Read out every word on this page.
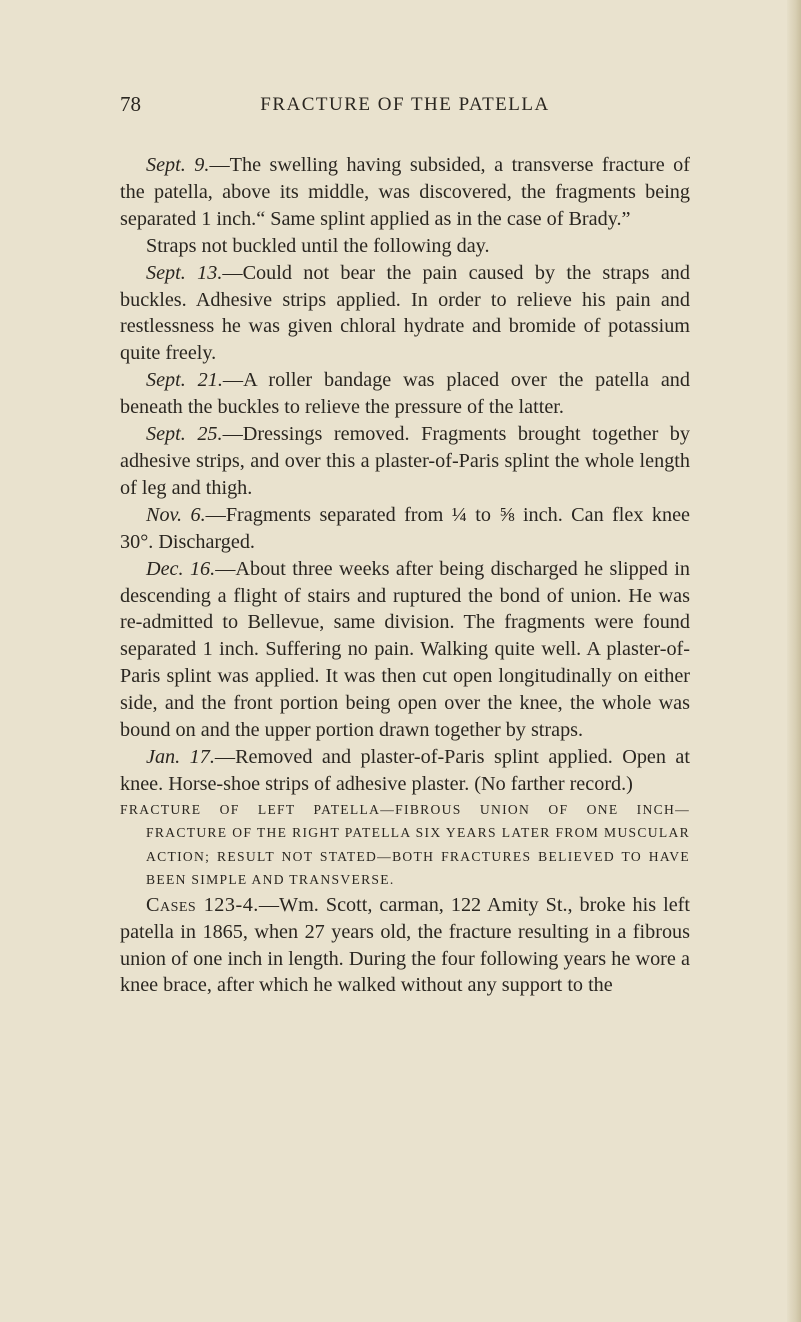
78	FRACTURE OF THE PATELLA

Sept. 9.—The swelling having subsided, a transverse fracture of the patella, above its middle, was discovered, the fragments being separated 1 inch.“ Same splint applied as in the case of Brady.”

Straps not buckled until the following day.

Sept. 13.—Could not bear the pain caused by the straps and buckles. Adhesive strips applied. In order to relieve his pain and restlessness he was given chloral hydrate and bromide of potassium quite freely.

Sept. 21.—A roller bandage was placed over the patella and beneath the buckles to relieve the pressure of the latter.

Sept. 25.—Dressings removed. Fragments brought together by adhesive strips, and over this a plaster-of-Paris splint the whole length of leg and thigh.

Nov. 6.—Fragments separated from ¼ to ⅝ inch. Can flex knee 30°. Discharged.

Dec. 16.—About three weeks after being discharged he slipped in descending a flight of stairs and ruptured the bond of union. He was re-admitted to Bellevue, same division. The fragments were found separated 1 inch. Suffering no pain. Walking quite well. A plaster-of-Paris splint was applied. It was then cut open longitudinally on either side, and the front portion being open over the knee, the whole was bound on and the upper portion drawn together by straps.

Jan. 17.—Removed and plaster-of-Paris splint applied. Open at knee. Horse-shoe strips of adhesive plaster. (No farther record.)

FRACTURE OF LEFT PATELLA—FIBROUS UNION OF ONE INCH—
FRACTURE OF THE RIGHT PATELLA SIX YEARS LATER FROM MUSCULAR ACTION; RESULT NOT STATED—BOTH FRACTURES BELIEVED TO HAVE BEEN SIMPLE AND TRANSVERSE.

Cases 123-4.—Wm. Scott, carman, 122 Amity St., broke his left patella in 1865, when 27 years old, the fracture resulting in a fibrous union of one inch in length. During the four following years he wore a knee brace, after which he walked without any support to the
